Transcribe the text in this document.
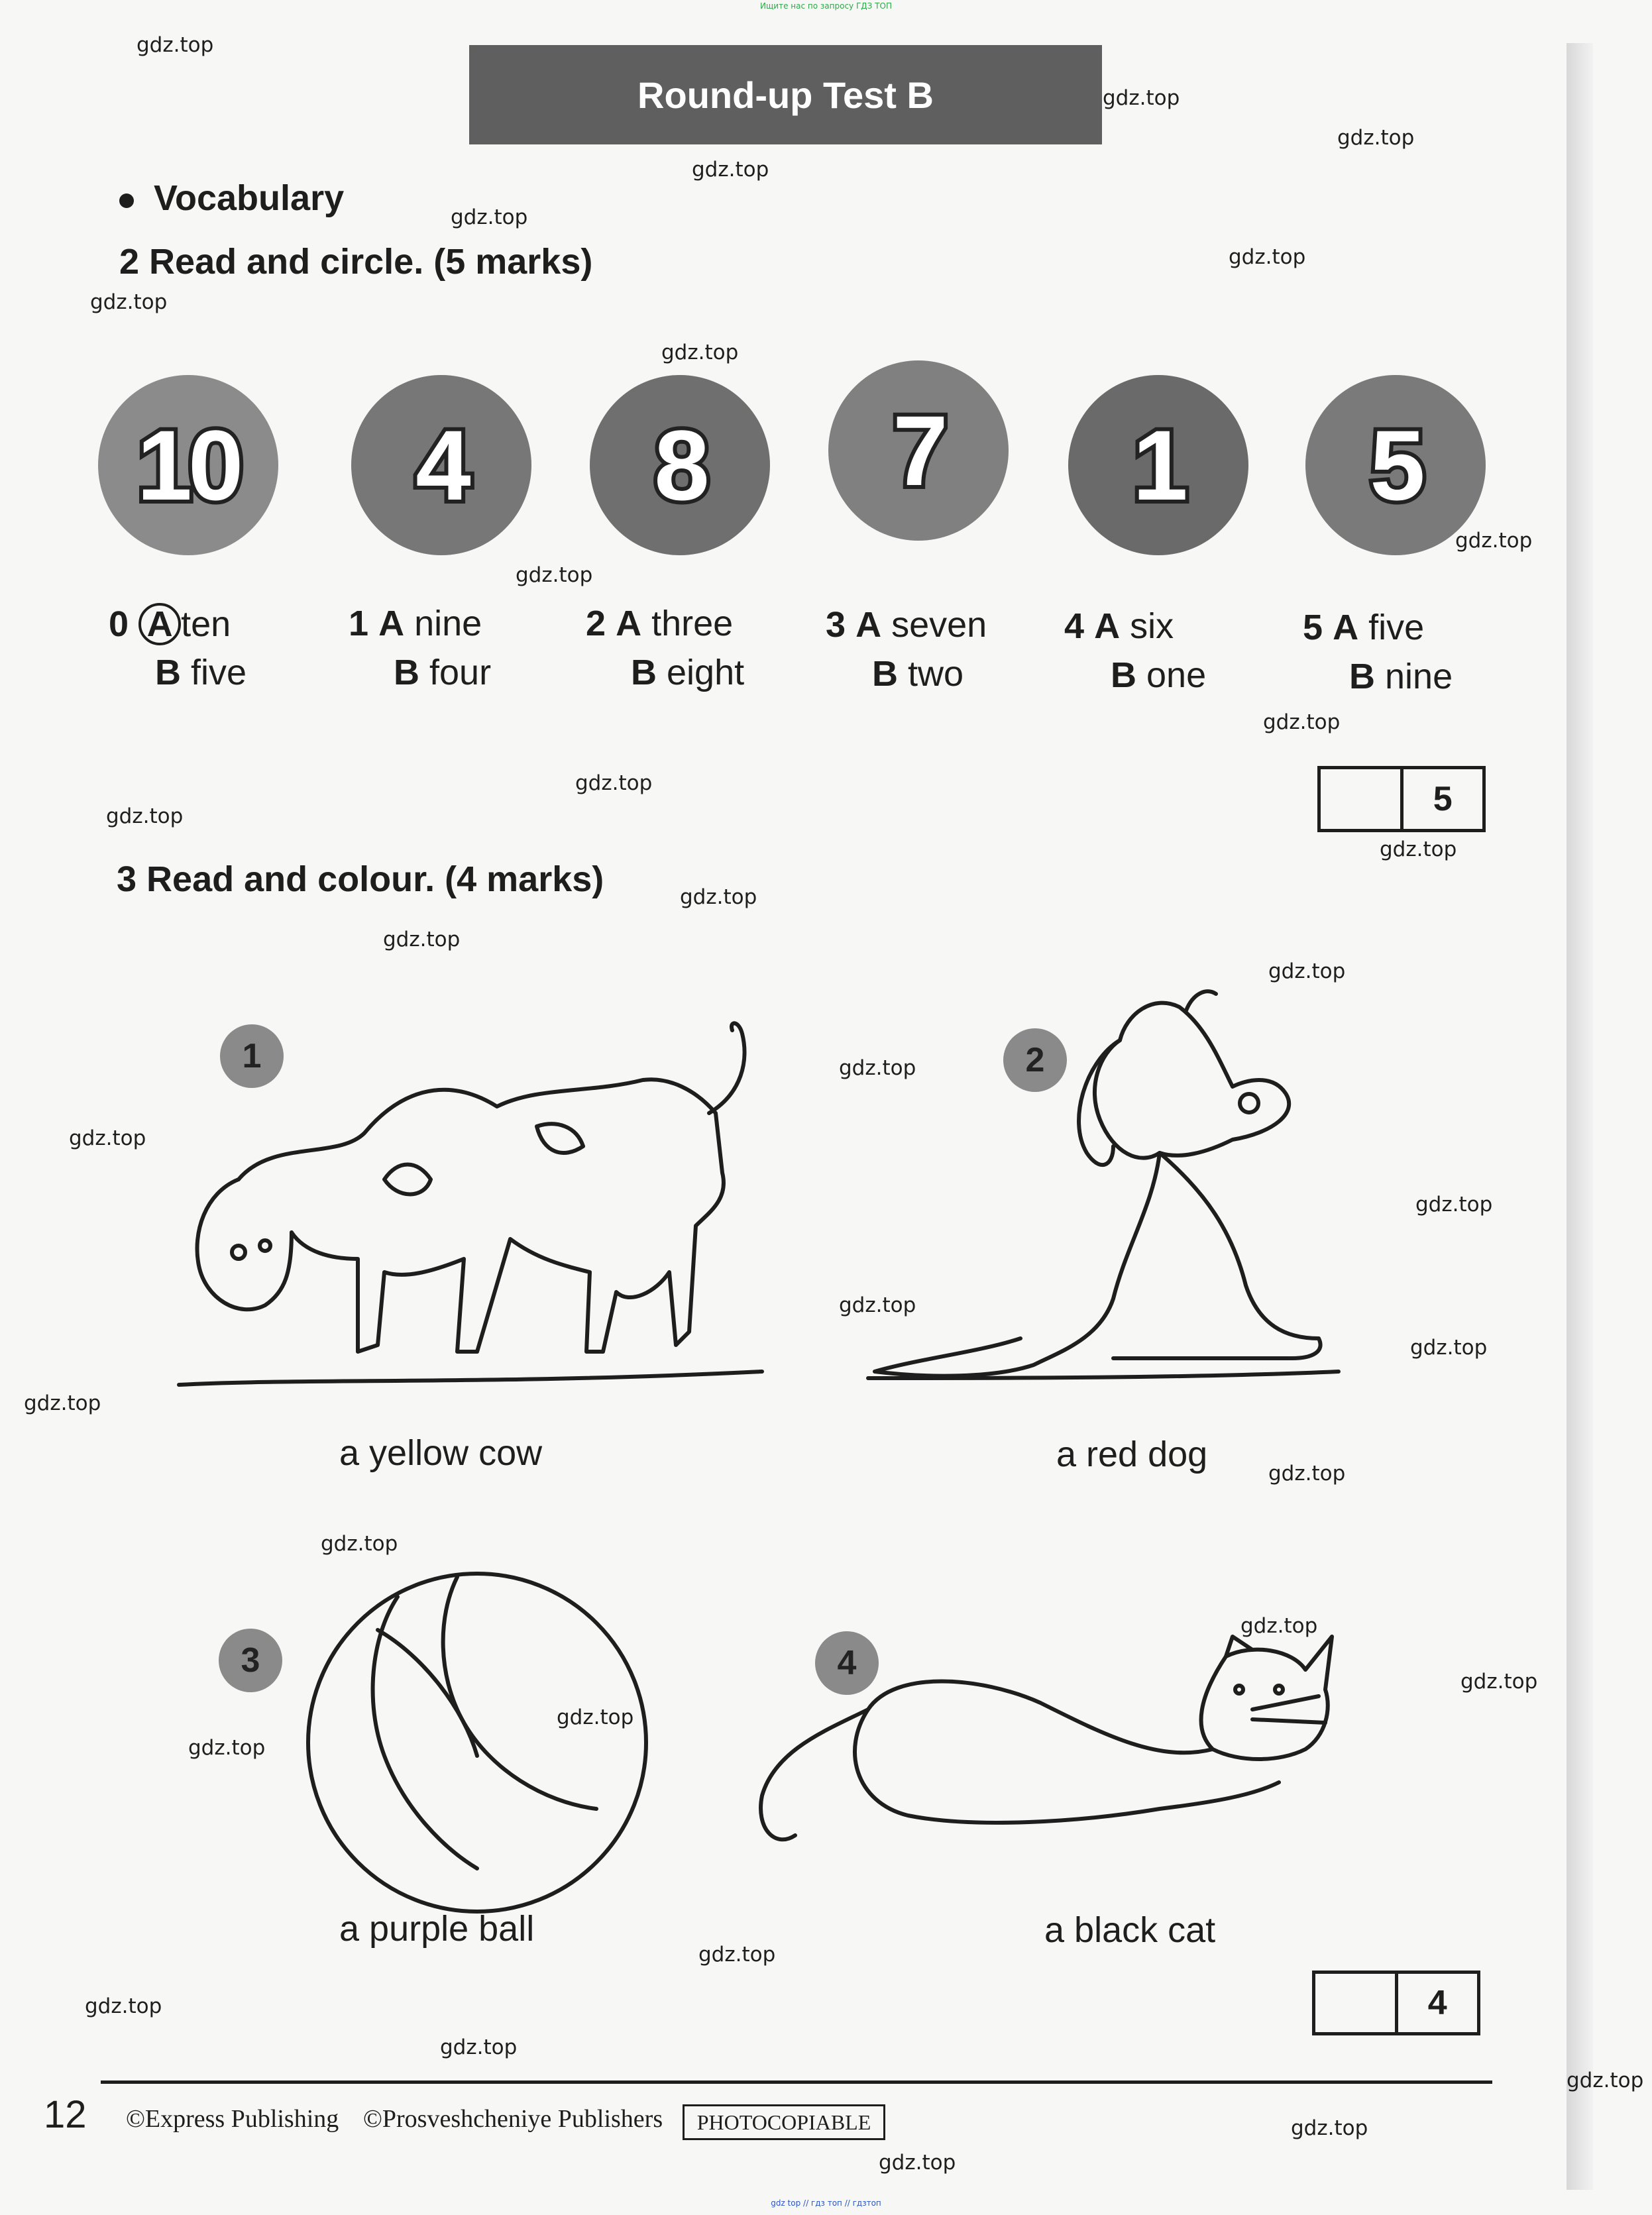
Ищите нас по запросу ГДЗ ТОП
Round-up Test B
Vocabulary
2 Read and circle. (5 marks)
10 4 8 7 1 5
0 A ten
B five
1 A nine
B four
2 A three
B eight
3 A seven
B two
4 A six
B one
5 A five
B nine
5
3 Read and colour. (4 marks)
1	2
a yellow cow	a red dog
3	4
a purple ball	a black cat
4
12 ©Express Publishing ©Prosveshcheniye Publishers	PHOTOCOPIABLE
gdz.top
gdz.top
gdz.top
gdz.top
gdz.top
gdz.top
gdz.top
gdz.top
gdz.top
gdz.top
gdz.top
gdz.top
gdz.top
gdz.top
gdz.top
gdz.top
gdz.top
gdz.top
gdz.top
gdz.top
gdz.top
gdz.top
gdz.top
gdz.top
gdz.top
gdz.top
gdz.top
gdz.top
gdz.top
gdz.top
gdz.top
gdz.top
gdz.top
gdz.top
gdz.top
gdz top // гдз топ // гдзтоп
